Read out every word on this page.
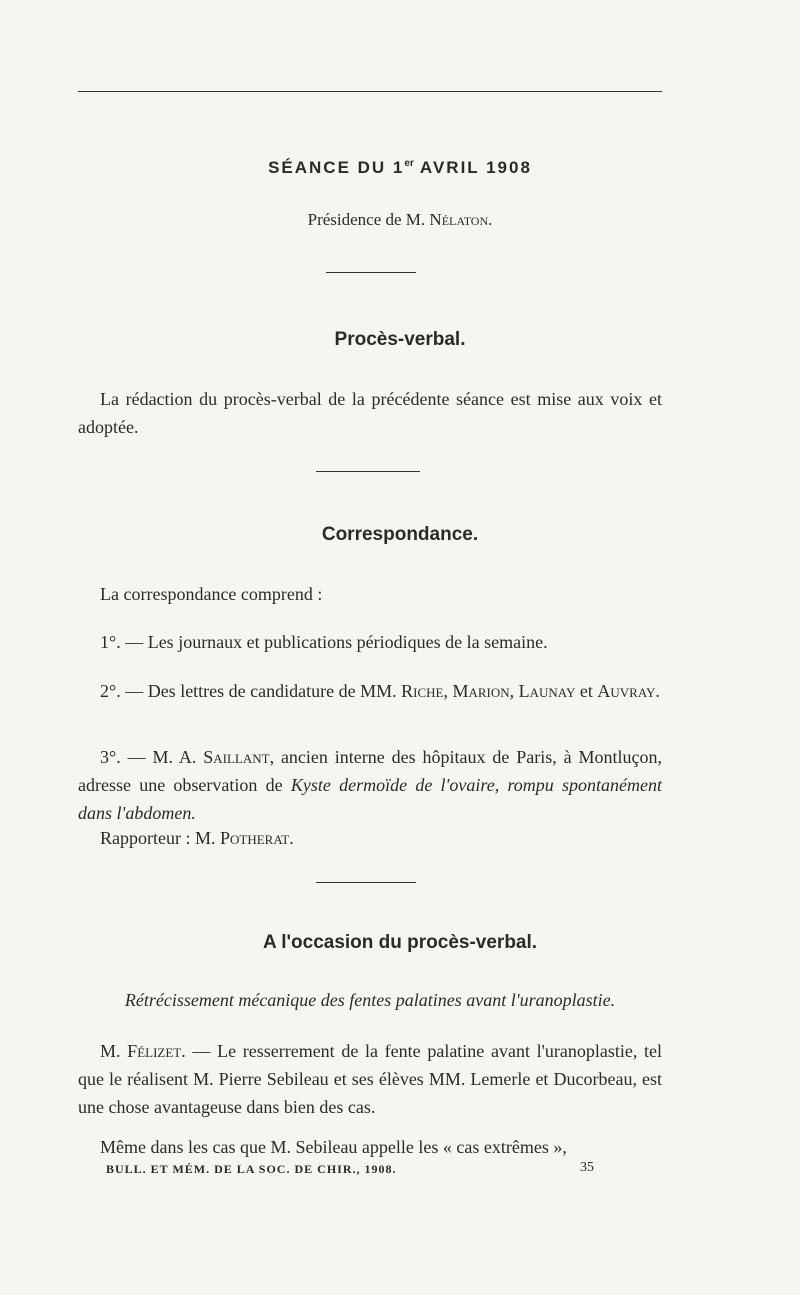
SÉANCE DU 1er AVRIL 1908
Présidence de M. Nélaton.
Procès-verbal.
La rédaction du procès-verbal de la précédente séance est mise aux voix et adoptée.
Correspondance.
La correspondance comprend :
1°. — Les journaux et publications périodiques de la semaine.
2°. — Des lettres de candidature de MM. Riche, Marion, Launay et Auvray.
3°. — M. A. Saillant, ancien interne des hôpitaux de Paris, à Montluçon, adresse une observation de Kyste dermoïde de l'ovaire, rompu spontanément dans l'abdomen.
Rapporteur : M. Potherat.
A l'occasion du procès-verbal.
Rétrécissement mécanique des fentes palatines avant l'uranoplastie.
M. Félizet. — Le resserrement de la fente palatine avant l'uranoplastie, tel que le réalisent M. Pierre Sebileau et ses élèves MM. Lemerle et Ducorbeau, est une chose avantageuse dans bien des cas.
Même dans les cas que M. Sebileau appelle les « cas extrêmes »,
BULL. ET MÉM. DE LA SOC. DE CHIR., 1908.	35
